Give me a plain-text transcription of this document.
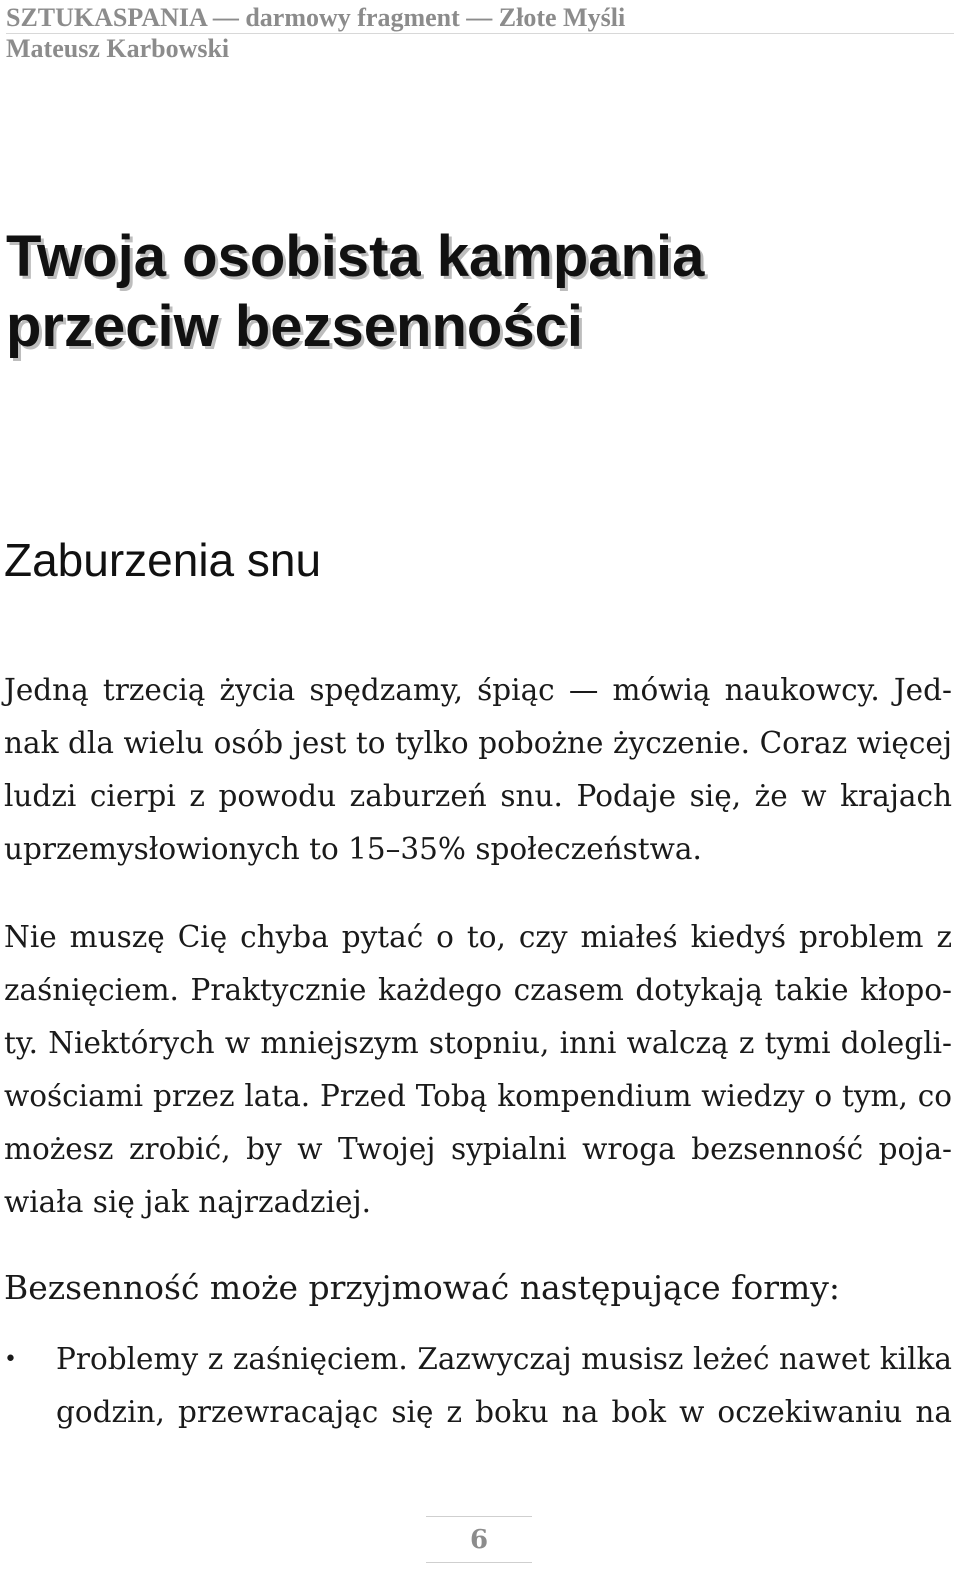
SZTUKASPANIA — darmowy fragment — Złote Myśli
Mateusz Karbowski
Twoja osobista kampania
przeciw bezsenności
Zaburzenia snu

Jedną trzecią życia spędzamy, śpiąc — mówią naukowcy. Jed-
nak dla wielu osób jest to tylko pobożne życzenie. Coraz więcej
ludzi cierpi z powodu zaburzeń snu. Podaje się, że w krajach
uprzemysłowionych to 15–35% społeczeństwa.

Nie muszę Cię chyba pytać o to, czy miałeś kiedyś problem z
zaśnięciem. Praktycznie każdego czasem dotykają takie kłopo-
ty. Niektórych w mniejszym stopniu, inni walczą z tymi dolegli-
wościami przez lata. Przed Tobą kompendium wiedzy o tym, co
możesz zrobić, by w Twojej sypialni wroga bezsenność poja-
wiała się jak najrzadziej.

Bezsenność może przyjmować następujące formy:

• Problemy z zaśnięciem. Zazwyczaj musisz leżeć nawet kilka
godzin, przewracając się z boku na bok w oczekiwaniu na
6
